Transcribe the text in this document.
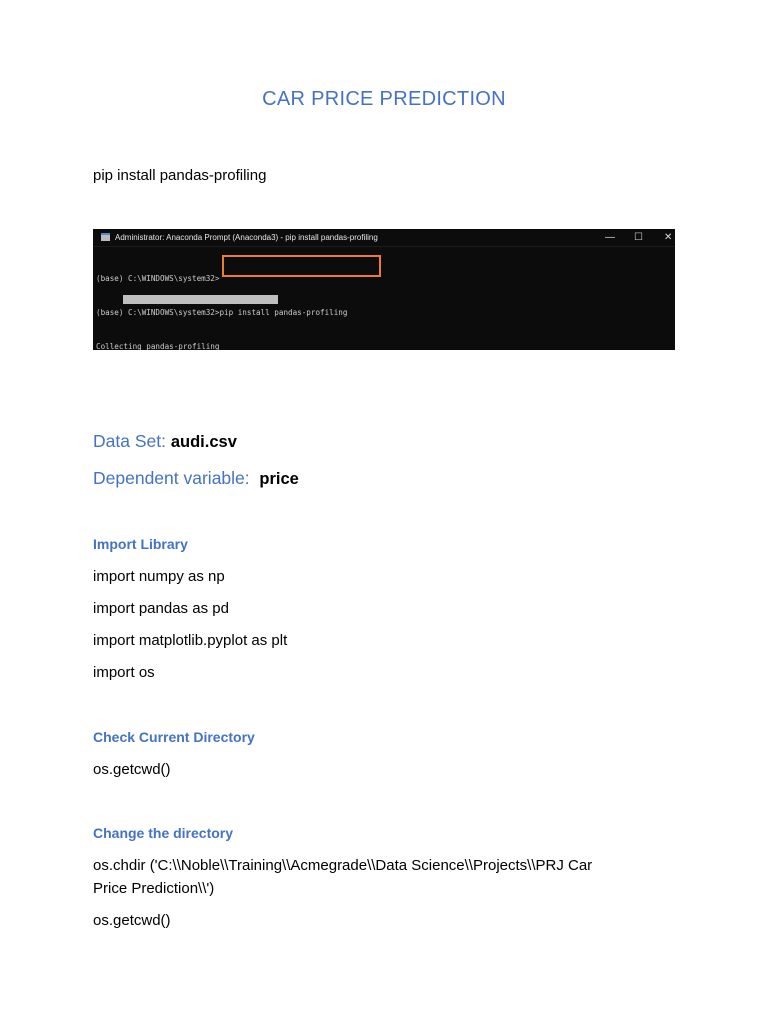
CAR PRICE PREDICTION
pip install pandas-profiling
Administrator: Anaconda Prompt (Anaconda3) - pip install pandas-profiling	— ☐ ✕

(base) C:\WINDOWS\system32>

(base) C:\WINDOWS\system32>pip install pandas-profiling

Collecting pandas-profiling

Data Set: audi.csv
Dependent variable: price
Import Library
import numpy as np
import pandas as pd
import matplotlib.pyplot as plt
import os
Check Current Directory
os.getcwd()
Change the directory
os.chdir ('C:\\Noble\\Training\\Acmegrade\\Data Science\\Projects\\PRJ Car
Price Prediction\\')
os.getcwd()
